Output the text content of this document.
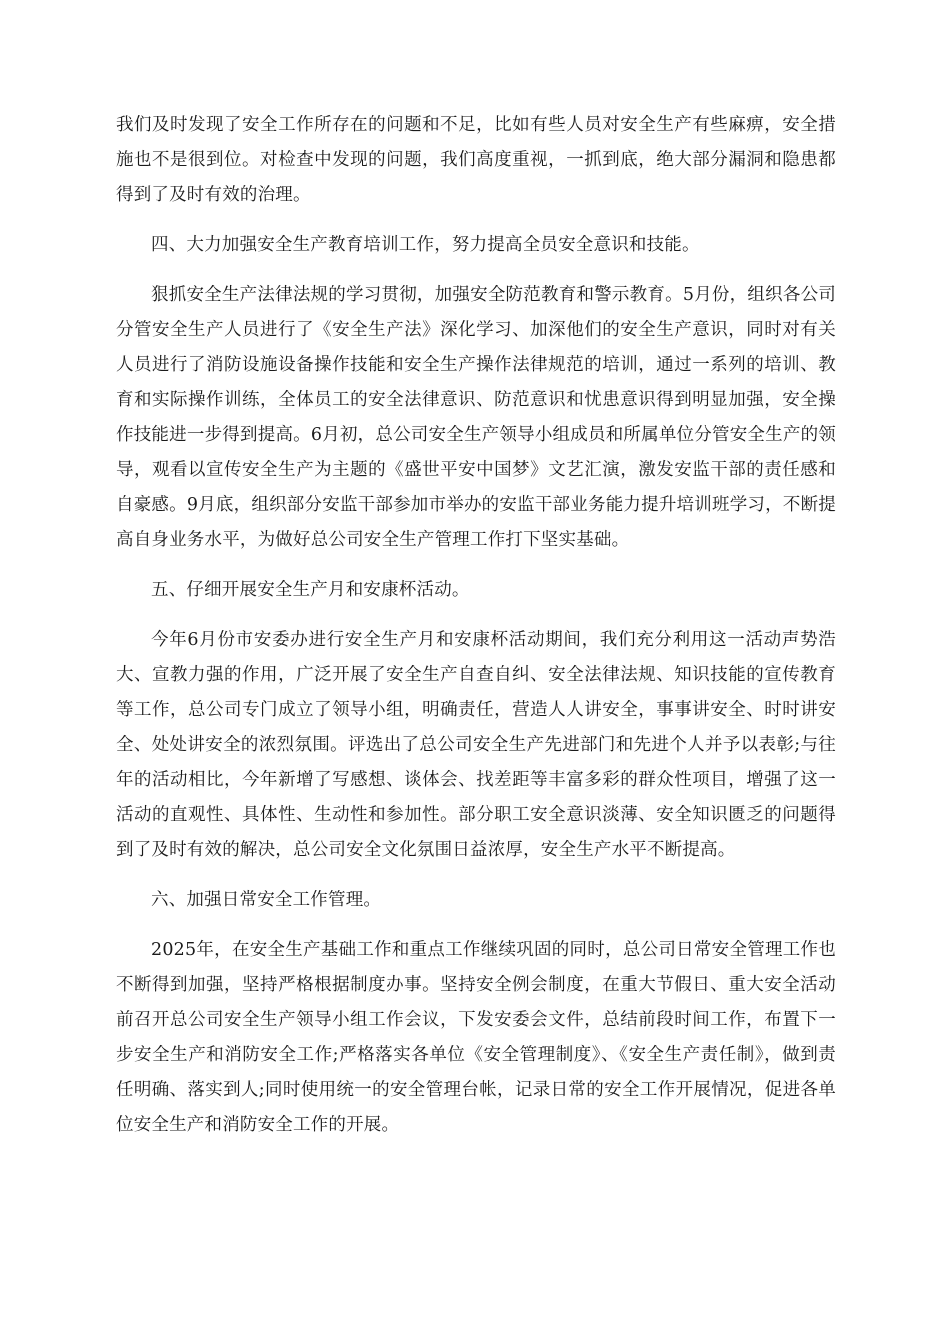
我们及时发现了安全工作所存在的问题和不足，比如有些人员对安全生产有些麻痹，安全措施也不是很到位。对检查中发现的问题，我们高度重视，一抓到底，绝大部分漏洞和隐患都得到了及时有效的治理。

四、大力加强安全生产教育培训工作，努力提高全员安全意识和技能。

狠抓安全生产法律法规的学习贯彻，加强安全防范教育和警示教育。5月份，组织各公司分管安全生产人员进行了《安全生产法》深化学习、加深他们的安全生产意识，同时对有关人员进行了消防设施设备操作技能和安全生产操作法律规范的培训，通过一系列的培训、教育和实际操作训练，全体员工的安全法律意识、防范意识和忧患意识得到明显加强，安全操作技能进一步得到提高。6月初，总公司安全生产领导小组成员和所属单位分管安全生产的领导，观看以宣传安全生产为主题的《盛世平安中国梦》文艺汇演，激发安监干部的责任感和自豪感。9月底，组织部分安监干部参加市举办的安监干部业务能力提升培训班学习，不断提高自身业务水平，为做好总公司安全生产管理工作打下坚实基础。

五、仔细开展安全生产月和安康杯活动。

今年6月份市安委办进行安全生产月和安康杯活动期间，我们充分利用这一活动声势浩大、宣教力强的作用，广泛开展了安全生产自查自纠、安全法律法规、知识技能的宣传教育等工作，总公司专门成立了领导小组，明确责任，营造人人讲安全，事事讲安全、时时讲安全、处处讲安全的浓烈氛围。评选出了总公司安全生产先进部门和先进个人并予以表彰;与往年的活动相比，今年新增了写感想、谈体会、找差距等丰富多彩的群众性项目，增强了这一活动的直观性、具体性、生动性和参加性。部分职工安全意识淡薄、安全知识匮乏的问题得到了及时有效的解决，总公司安全文化氛围日益浓厚，安全生产水平不断提高。

六、加强日常安全工作管理。

2025年，在安全生产基础工作和重点工作继续巩固的同时，总公司日常安全管理工作也不断得到加强，坚持严格根据制度办事。坚持安全例会制度，在重大节假日、重大安全活动前召开总公司安全生产领导小组工作会议，下发安委会文件，总结前段时间工作，布置下一步安全生产和消防安全工作;严格落实各单位《安全管理制度》、《安全生产责任制》，做到责任明确、落实到人;同时使用统一的安全管理台帐，记录日常的安全工作开展情况，促进各单位安全生产和消防安全工作的开展。
